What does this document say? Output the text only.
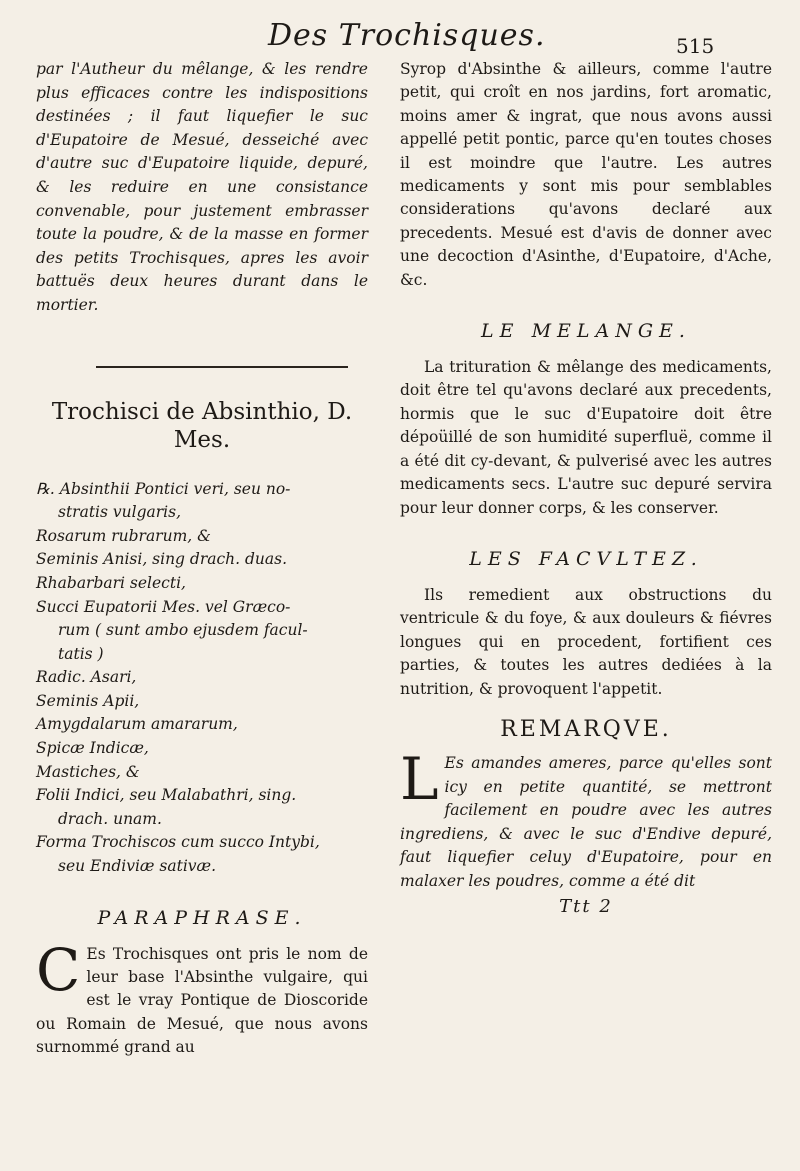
Des Trochisques.	515

par l'Autheur du mêlange, & les rendre plus efficaces contre les indispositions destinées ; il faut liquefier le suc d'Eupatoire de Mesué, desseiché avec d'autre suc d'Eupatoire liquide, depuré, & les reduire en une consistance convenable, pour justement embrasser toute la poudre, & de la masse en former des petits Trochisques, apres les avoir battuës deux heures durant dans le mortier.

Trochisci de Absinthio, D. Mes.

℞. Absinthii Pontici veri, seu no-

stratis vulgaris,

Rosarum rubrarum, &

Seminis Anisi, sing drach. duas.

Rhabarbari selecti,

Succi Eupatorii Mes. vel Græco-

rum ( sunt ambo ejusdem facul-

tatis )

Radic. Asari,

Seminis Apii,

Amygdalarum amararum,

Spicæ Indicæ,

Mastiches, &

Folii Indici, seu Malabathri, sing.

drach. unam.

Forma Trochiscos cum succo Intybi,

seu Endiviæ sativæ.

PARAPHRASE.

C Es Trochisques ont pris le nom de leur base l'Absinthe vulgaire, qui est le vray Pontique de Dioscoride ou Romain de Mesué, que nous avons surnommé grand au

Syrop d'Absinthe & ailleurs, comme l'autre petit, qui croît en nos jardins, fort aromatic, moins amer & ingrat, que nous avons aussi appellé petit pontic, parce qu'en toutes choses il est moindre que l'autre. Les autres medicaments y sont mis pour semblables considerations qu'avons declaré aux precedents. Mesué est d'avis de donner avec une decoction d'Asinthe, d'Eupatoire, d'Ache, &c.

LE MELANGE.

La trituration & mêlange des medicaments, doit être tel qu'avons declaré aux precedents, hormis que le suc d'Eupatoire doit être dépoüillé de son humidité superfluë, comme il a été dit cy-devant, & pulverisé avec les autres medicaments secs. L'autre suc depuré servira pour leur donner corps, & les conserver.

LES FACVLTEZ.

Ils remedient aux obstructions du ventricule & du foye, & aux douleurs & fiévres longues qui en procedent, fortifient ces parties, & toutes les autres dediées à la nutrition, & provoquent l'appetit.

REMARQVE.

L Es amandes ameres, parce qu'elles sont icy en petite quantité, se mettront facilement en poudre avec les autres ingrediens, & avec le suc d'Endive depuré, faut liquefier celuy d'Eupatoire, pour en malaxer les poudres, comme a été dit

Ttt 2
